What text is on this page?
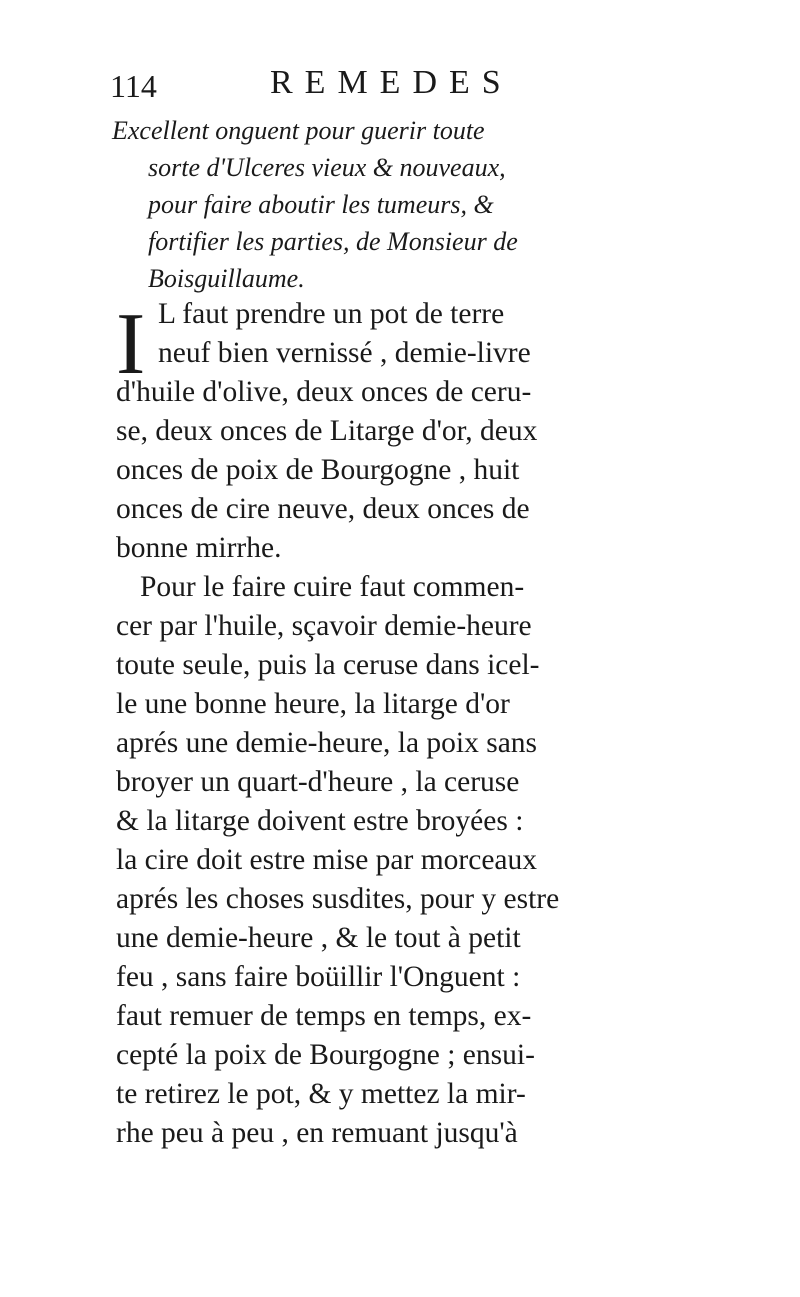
114	REMEDES
Excellent onguent pour guerir toute
sorte d'Ulceres vieux & nouveaux,
pour faire aboutir les tumeurs, &
fortifier les parties, de Monsieur de
Boisguillaume.
I L faut prendre un pot de terre
neuf bien vernissé , demie-livre
d'huile d'olive, deux onces de ceru-
se, deux onces de Litarge d'or, deux
onces de poix de Bourgogne , huit
onces de cire neuve, deux onces de
bonne mirrhe.
Pour le faire cuire faut commen-
cer par l'huile, sçavoir demie-heure
toute seule, puis la ceruse dans icel-
le une bonne heure, la litarge d'or
aprés une demie-heure, la poix sans
broyer un quart-d'heure , la ceruse
& la litarge doivent estre broyées :
la cire doit estre mise par morceaux
aprés les choses susdites, pour y estre
une demie-heure , & le tout à petit
feu , sans faire boüillir l'Onguent :
faut remuer de temps en temps, ex-
cepté la poix de Bourgogne ; ensui-
te retirez le pot, & y mettez la mir-
rhe peu à peu , en remuant jusqu'à
